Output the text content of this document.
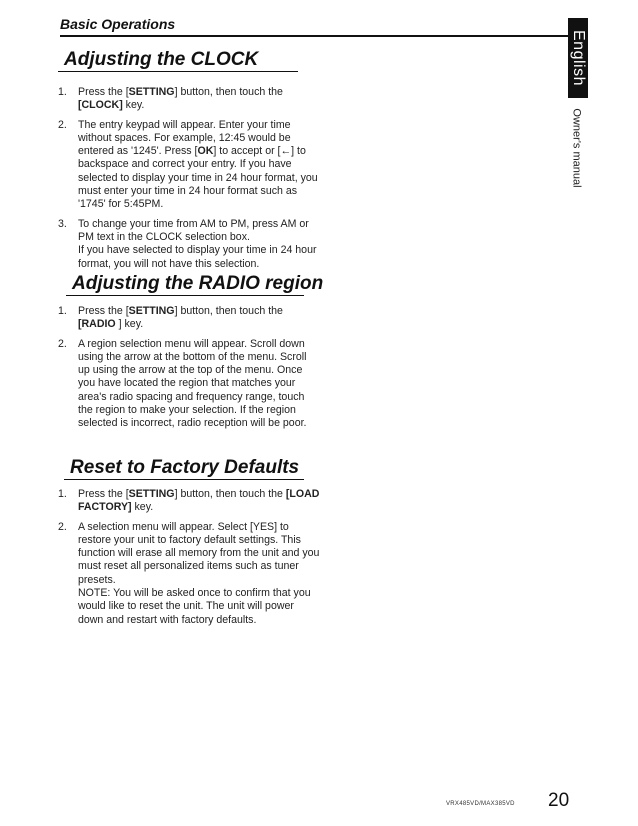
Basic Operations
English
Owner's manual
Adjusting the CLOCK
1.	Press the [SETTING] button, then touch the [CLOCK] key.
2.	The entry keypad will appear. Enter your time without spaces. For example, 12:45 would be entered as '1245'. Press [OK] to accept or [←] to backspace and correct your entry. If you have selected to display your time in 24 hour format, you must enter your time in 24 hour format such as '1745' for 5:45PM.
3.	To change your time from AM to PM, press AM or PM text in the CLOCK selection box.

If you have selected to display your time in 24 hour format, you will not have this selection.

Adjusting the RADIO region
1.	Press the [SETTING] button, then touch the [RADIO ] key.
2.	A region selection menu will appear. Scroll down using the arrow at the bottom of the menu. Scroll up using the arrow at the top of the menu. Once you have located the region that matches your area's radio spacing and frequency range, touch the region to make your selection. If the region selected is incorrect, radio reception will be poor.
Reset to Factory Defaults
1.	Press the [SETTING] button, then touch the [LOAD FACTORY] key.
2.	A selection menu will appear. Select [YES] to restore your unit to factory default settings. This function will erase all memory from the unit and you must reset all personalized items such as tuner presets.

NOTE: You will be asked once to confirm that you would like to reset the unit. The unit will power down and restart with factory defaults.

VRX485VD/MAX385VD 20
